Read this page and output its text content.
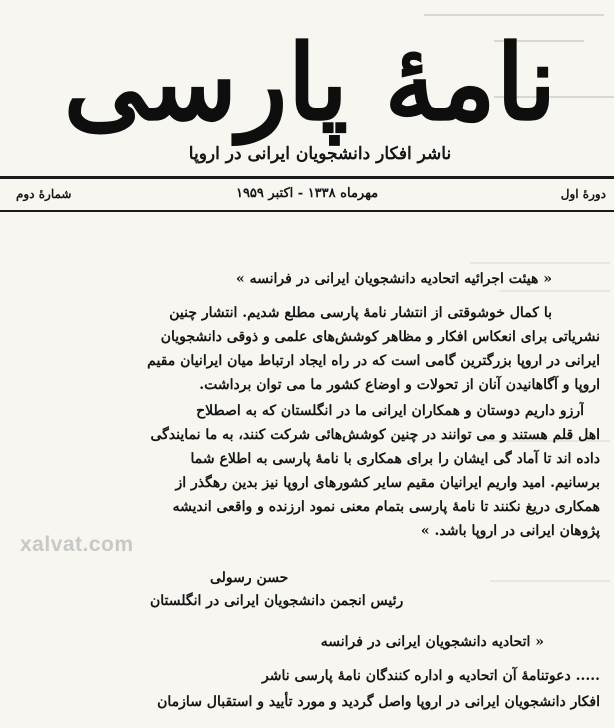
نامهٔ پارسی
ناشر افکار دانشجویان ایرانی در اروپا
دورهٔ اول
مهرماه ۱۳۳۸ - اکتبر ۱۹۵۹
شمارهٔ دوم
« هیئت اجرائیه اتحادیه دانشجویان ایرانی در فرانسه »
با کمال خوشوقتی از انتشار نامهٔ پارسی مطلع شدیم. انتشار چنین
نشریاتی برای انعکاس افکار و مظاهر کوشش‌های علمی و ذوقی دانشجویان
ایرانی در اروپا بزرگترین گامی است که در راه ایجاد ارتباط میان ایرانیان مقیم
اروپا و آگاهانیدن آنان از تحولات و اوضاع کشور ما می توان برداشت.
آرزو داریم دوستان و همکاران ایرانی ما در انگلستان که به اصطلاح
اهل قلم هستند و می توانند در چنین کوشش‌هائی شرکت کنند، به ما نمایندگی
داده اند تا آماد گی ایشان را برای همکاری با نامهٔ پارسی به اطلاع شما
برسانیم. امید واریم ایرانیان مقیم سایر کشورهای اروپا نیز بدین رهگذر از
همکاری دریغ نکنند تا نامهٔ پارسی بتمام معنی نمود ارزنده و واقعی اندیشه
پژوهان ایرانی در اروپا باشد. »
حسن رسولی
رئیس انجمن دانشجویان ایرانی در انگلستان
« اتحادیه دانشجویان ایرانی در فرانسه
..... دعوتنامهٔ آن اتحادیه و اداره کنندگان نامهٔ پارسی ناشر
افکار دانشجویان ایرانی در اروپا واصل گردید و مورد تأیید و استقبال سازمان
xalvat.com
